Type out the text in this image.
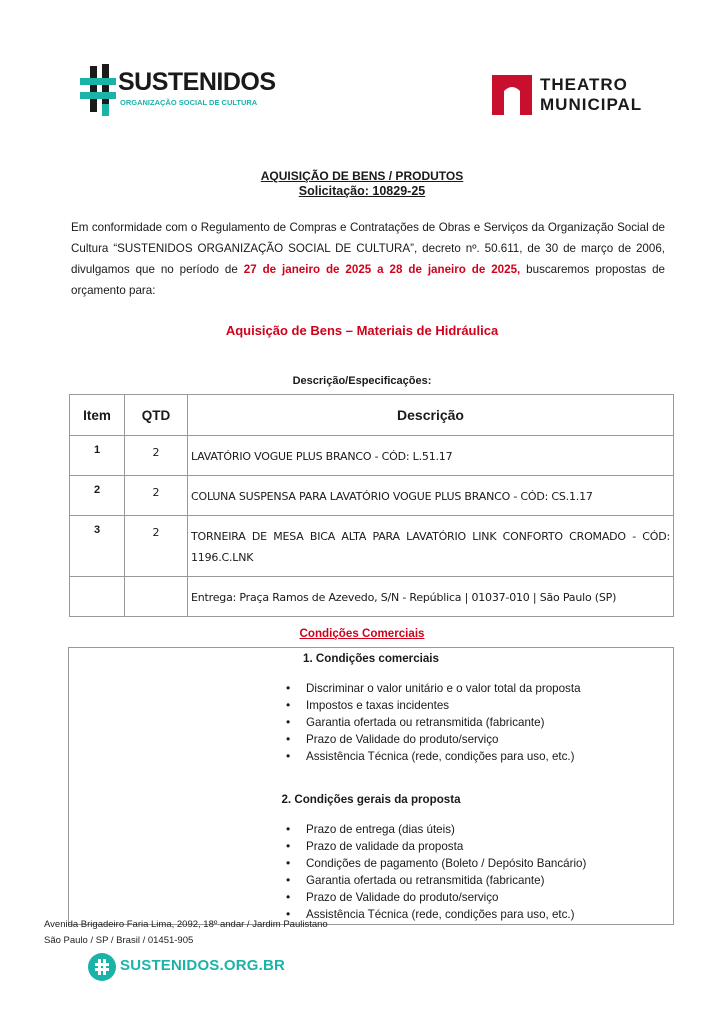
SUSTENIDOS
ORGANIZAÇÃO SOCIAL DE CULTURA
THEATRO
MUNICIPAL
AQUISIÇÃO DE BENS / PRODUTOS
Solicitação: 10829-25
Em conformidade com o Regulamento de Compras e Contratações de Obras e Serviços da Organização Social de Cultura “SUSTENIDOS ORGANIZAÇÃO SOCIAL DE CULTURA”, decreto nº. 50.611, de 30 de março de 2006, divulgamos que no período de 27 de janeiro de 2025 a 28 de janeiro de 2025, buscaremos propostas de orçamento para:
Aquisição de Bens – Materiais de Hidráulica
Descrição/Especificações:
Item	QTD	Descrição
1	2	LAVATÓRIO VOGUE PLUS BRANCO - CÓD: L.51.17
2	2	COLUNA SUSPENSA PARA LAVATÓRIO VOGUE PLUS BRANCO - CÓD: CS.1.17
3	2	TORNEIRA DE MESA BICA ALTA PARA LAVATÓRIO LINK CONFORTO CROMADO - CÓD: 1196.C.LNK
		Entrega: Praça Ramos de Azevedo, S/N - República | 01037-010 | São Paulo (SP)
Condições Comerciais
1. Condições comerciais
• Discriminar o valor unitário e o valor total da proposta
• Impostos e taxas incidentes
• Garantia ofertada ou retransmitida (fabricante)
• Prazo de Validade do produto/serviço
• Assistência Técnica (rede, condições para uso, etc.)
2. Condições gerais da proposta
• Prazo de entrega (dias úteis)
• Prazo de validade da proposta
• Condições de pagamento (Boleto / Depósito Bancário)
• Garantia ofertada ou retransmitida (fabricante)
• Prazo de Validade do produto/serviço
• Assistência Técnica (rede, condições para uso, etc.)
Avenida Brigadeiro Faria Lima, 2092, 18º andar / Jardim Paulistano
São Paulo / SP / Brasil / 01451-905
SUSTENIDOS.ORG.BR
